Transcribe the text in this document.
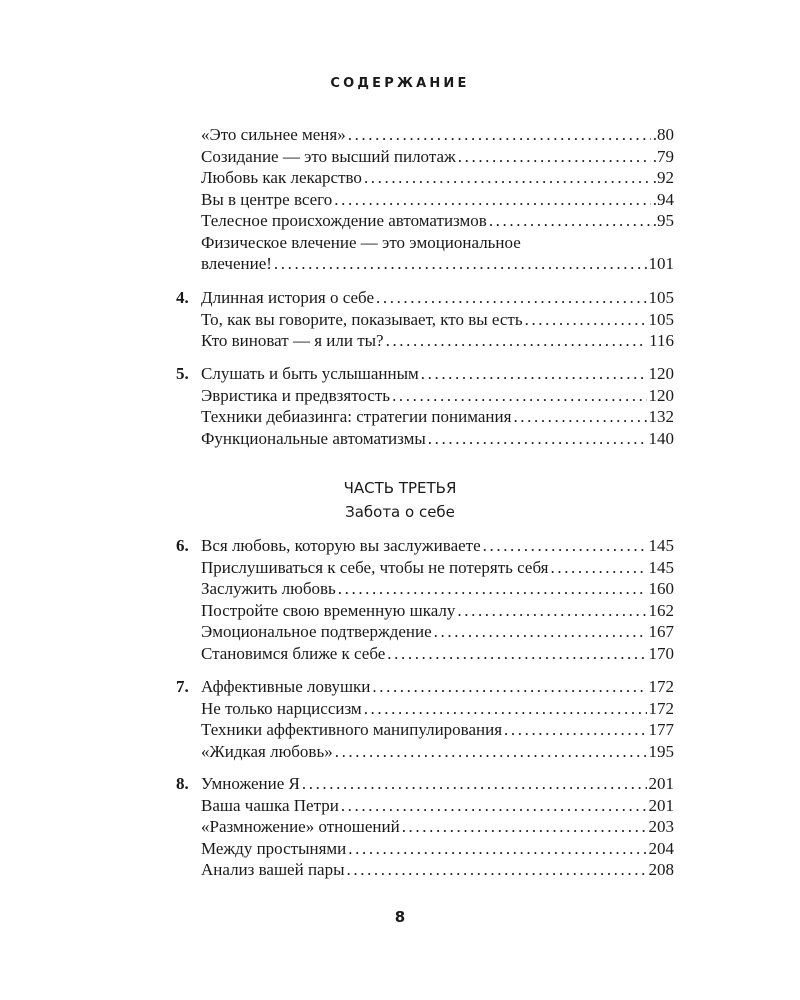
СОДЕРЖАНИЕ
«Это сильнее меня» .....	.80
Созидание — это высший пилотаж .....	.79
Любовь как лекарство .....	.92
Вы в центре всего .....	.94
Телесное происхождение автоматизмов .....	.95
Физическое влечение — это эмоциональное
влечение! .....	101
4. Длинная история о себе .....	105
То, как вы говорите, показывает, кто вы есть .....	105
Кто виноват — я или ты? .....	116
5. Слушать и быть услышанным .....	120
Эвристика и предвзятость .....	120
Техники дебиазинга: стратегии понимания .....	132
Функциональные автоматизмы .....	140
ЧАСТЬ ТРЕТЬЯ
Забота о себе
6. Вся любовь, которую вы заслуживаете .....	145
Прислушиваться к себе, чтобы не потерять себя .....	145
Заслужить любовь .....	160
Постройте свою временную шкалу .....	162
Эмоциональное подтверждение .....	167
Становимся ближе к себе .....	170
7. Аффективные ловушки .....	172
Не только нарциссизм .....	172
Техники аффективного манипулирования .....	177
«Жидкая любовь» .....	195
8. Умножение Я .....	201
Ваша чашка Петри .....	201
«Размножение» отношений .....	203
Между простынями .....	204
Анализ вашей пары .....	208
8
